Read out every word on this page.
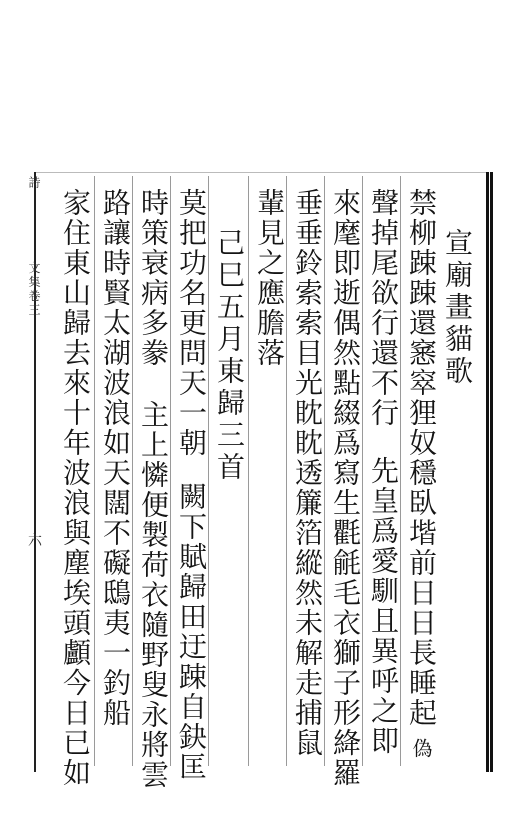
詩  文集卷三
六
宣廟畫貓歌
禁柳踈踈還窸窣狸奴穩臥堦前日日長睡起偽
聲掉尾欲行還不行先皇爲愛馴且異呼之即
來麾即逝偶然點綴爲寫生氍毹毛衣獅子形絳羅
垂垂鈴索索目光眈眈透簾箔縱然未解走捕鼠
輩見之應膽落
己巳五月東歸三首
莫把功名更問天一朝闕下賦歸田迂踈自鈌匡
時策衰病多豢主上憐便製荷衣隨野叟永將雲
路讓時賢太湖波浪如天闊不礙鴟夷一釣船
家住東山歸去來十年波浪與塵埃頭顱今日已如
